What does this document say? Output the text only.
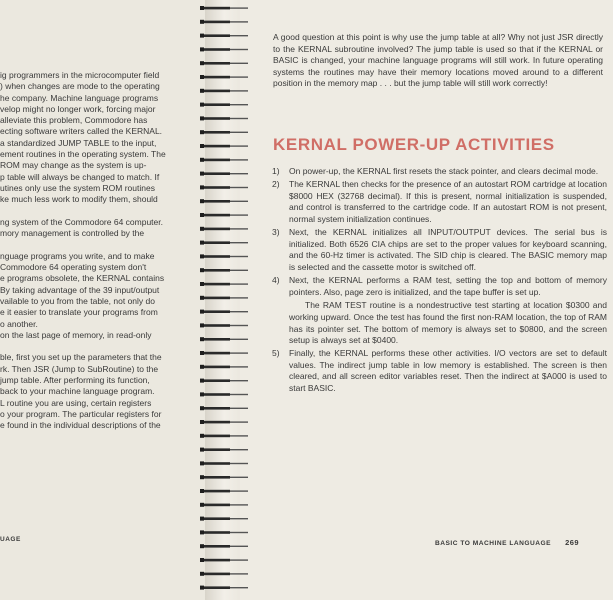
ig programmers in the microcomputer field
) when changes are mode to the operating
he company. Machine language programs
velop might no longer work, forcing major
alleviate this problem, Commodore has
ecting software writers called the KERNAL.
a standardized JUMP TABLE to the input,
ement routines in the operating system. The
ROM may change as the system is up-
p table will always be changed to match. If
utines only use the system ROM routines
ke much less work to modify them, should
ng system of the Commodore 64 computer.
mory management is controlled by the
nguage programs you write, and to make
Commodore 64 operating system don't
e programs obsolete, the KERNAL contains
By taking advantage of the 39 input/output
vailable to you from the table, not only do
e it easier to translate your programs from
o another.
on the last page of memory, in read-only
ble, first you set up the parameters that the
rk. Then JSR (Jump to SubRoutine) to the
jump table. After performing its function,
back to your machine language program.
L routine you are using, certain registers
o your program. The particular registers for
e found in the individual descriptions of the
UAGE

A good question at this point is why use the jump table at all? Why not just JSR directly to the KERNAL subroutine involved? The jump table is used so that if the KERNAL or BASIC is changed, your machine language programs will still work. In future operating systems the routines may have their memory locations moved around to a different position in the memory map . . . but the jump table will still work correctly!

KERNAL POWER-UP ACTIVITIES
1)	On power-up, the KERNAL first resets the stack pointer, and clears decimal mode.
2)	The KERNAL then checks for the presence of an autostart ROM cartridge at location $8000 HEX (32768 decimal). If this is present, normal initialization is suspended, and control is transferred to the cartridge code. If an autostart ROM is not present, normal system initialization continues.
3)	Next, the KERNAL initializes all INPUT/OUTPUT devices. The serial bus is initialized. Both 6526 CIA chips are set to the proper values for keyboard scanning, and the 60-Hz timer is activated. The SID chip is cleared. The BASIC memory map is selected and the cassette motor is switched off.
4)	Next, the KERNAL performs a RAM test, setting the top and bottom of memory pointers. Also, page zero is initialized, and the tape buffer is set up.

The RAM TEST routine is a nondestructive test starting at location $0300 and working upward. Once the test has found the first non-RAM location, the top of RAM has its pointer set. The bottom of memory is always set to $0800, and the screen setup is always set at $0400.

5)	Finally, the KERNAL performs these other activities. I/O vectors are set to default values. The indirect jump table in low memory is established. The screen is then cleared, and all screen editor variables reset. Then the indirect at $A000 is used to start BASIC.
BASIC TO MACHINE LANGUAGE 269
